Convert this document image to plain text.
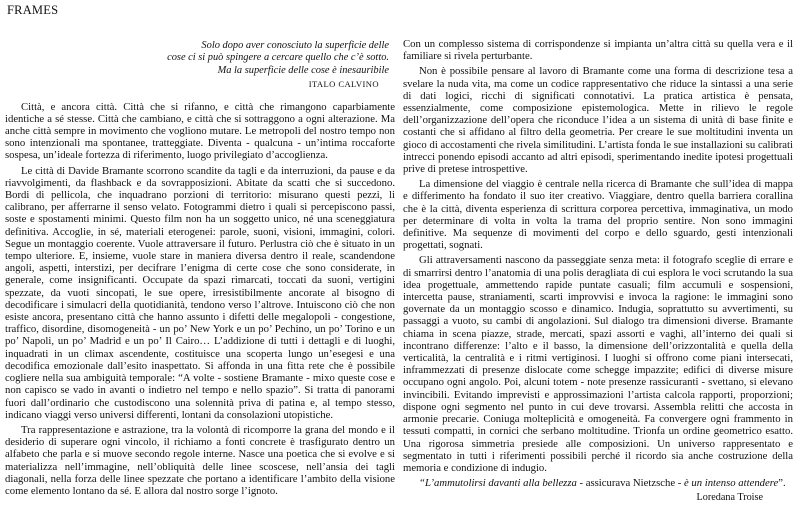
FRAMES
Solo dopo aver conosciuto la superficie delle
cose ci si può spingere a cercare quello che c’è sotto.
Ma la superficie delle cose è inesauribile
ITALO CALVINO

Città, e ancora città. Città che si rifanno, e città che rimangono caparbiamente identiche a sé stesse. Città che cambiano, e città che si sottraggono a ogni alterazione. Ma anche città sempre in movimento che vogliono mutare. Le metropoli del nostro tempo non sono intenzionali ma spontanee, tratteggiate. Diventa - qualcuna - un’intima roccaforte sospesa, un’ideale fortezza di riferimento, luogo privilegiato d’accoglienza.

Le città di Davide Bramante scorrono scandite da tagli e da interruzioni, da pause e da riavvolgimenti, da flashback e da sovrapposizioni. Abitate da scatti che si succedono. Bordi di pellicola, che inquadrano porzioni di territorio: misurano questi pezzi, li calibrano, per afferrarne il senso velato. Fotogrammi dietro i quali si percepiscono passi, soste e spostamenti minimi. Questo film non ha un soggetto unico, né una sceneggiatura definitiva. Accoglie, in sé, materiali eterogenei: parole, suoni, visioni, immagini, colori. Segue un montaggio coerente. Vuole attraversare il futuro. Perlustra ciò che è situato in un tempo ulteriore. E, insieme, vuole stare in maniera diversa dentro il reale, scandendone angoli, aspetti, interstizi, per decifrare l’enigma di certe cose che sono considerate, in generale, come insignificanti. Occupate da spazi rimarcati, toccati da suoni, vertigini spezzate, da vuoti sincopati, le sue opere, irresistibilmente ancorate al bisogno di decodificare i simulacri della quotidianità, tendono verso l’altrove. Intuiscono ciò che non esiste ancora, presentano città che hanno assunto i difetti delle megalopoli - congestione, traffico, disordine, disomogeneità - un po’ New York e un po’ Pechino, un po’ Torino e un po’ Napoli, un po’ Madrid e un po’ Il Cairo… L’addizione di tutti i dettagli e di luoghi, inquadrati in un climax ascendente, costituisce una scoperta lungo un’esegesi e una decodifica emozionale dall’esito inaspettato. Si affonda in una fitta rete che è possibile cogliere nella sua ambiguità temporale: “A volte - sostiene Bramante - mixo queste cose e non capisco se vado in avanti o indietro nel tempo e nello spazio”. Si tratta di panorami fuori dall’ordinario che custodiscono una solennità priva di patina e, al tempo stesso, indicano viaggi verso universi differenti, lontani da consolazioni utopistiche.

Tra rappresentazione e astrazione, tra la volontà di ricomporre la grana del mondo e il desiderio di superare ogni vincolo, il richiamo a fonti concrete è trasfigurato dentro un alfabeto che parla e si muove secondo regole interne. Nasce una poetica che si evolve e si materializza nell’immagine, nell’obliquità delle linee scoscese, nell’ansia dei tagli diagonali, nella forza delle linee spezzate che portano a identificare l’ambito della visione come elemento lontano da sé. E allora dal nostro sorge l’ignoto.

Con un complesso sistema di corrispondenze si impianta un’altra città su quella vera e il familiare si rivela perturbante.

Non è possibile pensare al lavoro di Bramante come una forma di descrizione tesa a svelare la nuda vita, ma come un codice rappresentativo che riduce la sintassi a una serie di dati logici, ricchi di significati connotativi. La pratica artistica è pensata, essenzialmente, come composizione epistemologica. Mette in rilievo le regole dell’organizzazione dell’opera che riconduce l’idea a un sistema di unità di base finite e costanti che si affidano al filtro della geometria. Per creare le sue moltitudini inventa un gioco di accostamenti che rivela similitudini. L’artista fonda le sue installazioni su calibrati intrecci ponendo episodi accanto ad altri episodi, sperimentando inedite ipotesi progettuali prive di pretese introspettive.

La dimensione del viaggio è centrale nella ricerca di Bramante che sull’idea di mappa e differimento ha fondato il suo iter creativo. Viaggiare, dentro quella barriera corallina che è la città, diventa esperienza di scrittura corporea percettiva, immaginativa, un modo per determinare di volta in volta la trama del proprio sentire. Non sono immagini definitive. Ma sequenze di movimenti del corpo e dello sguardo, gesti intenzionali progettati, sognati.

Gli attraversamenti nascono da passeggiate senza meta: il fotografo sceglie di errare e di smarrirsi dentro l’anatomia di una polis deragliata di cui esplora le voci scrutando la sua idea progettuale, ammettendo rapide puntate casuali; film accumuli e sospensioni, intercetta pause, straniamenti, scarti improvvisi e invoca la ragione: le immagini sono governate da un montaggio scosso e dinamico. Indugia, soprattutto su avvertimenti, su passaggi a vuoto, su cambi di angolazioni. Sul dialogo tra dimensioni diverse. Bramante chiama in scena piazze, strade, mercati, spazi assorti e vaghi, all’interno dei quali si incontrano differenze: l’alto e il basso, la dimensione dell’orizzontalità e quella della verticalità, la centralità e i ritmi vertiginosi. I luoghi si offrono come piani intersecati, inframmezzati di presenze dislocate come schegge impazzite; edifici di diverse misure occupano ogni angolo. Poi, alcuni totem - note presenze rassicuranti - svettano, si elevano invincibili. Evitando imprevisti e approssimazioni l’artista calcola rapporti, proporzioni; dispone ogni segmento nel punto in cui deve trovarsi. Assembla relitti che accosta in armonie precarie. Coniuga molteplicità e omogeneità. Fa convergere ogni frammento in tessuti compatti, in cornici che serbano moltitudine. Trionfa un ordine geometrico esatto. Una rigorosa simmetria presiede alle composizioni. Un universo rappresentato e segmentato in tutti i riferimenti possibili perché il ricordo sia anche costruzione della memoria e condizione di indugio.

“L’ammutolirsi davanti alla bellezza - assicurava Nietzsche - è un intenso attendere”.

Loredana Troise
